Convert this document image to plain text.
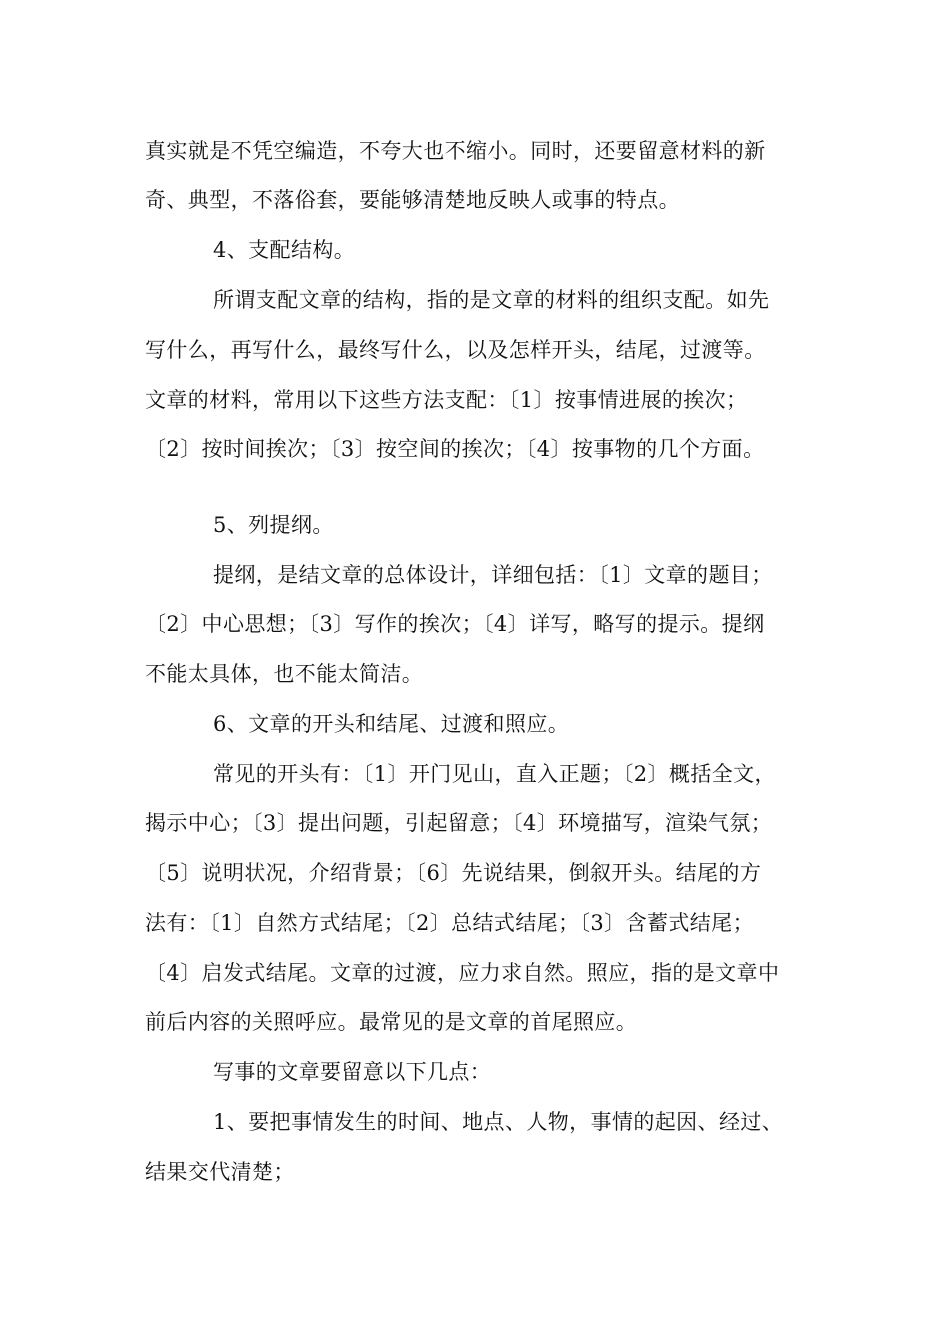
真实就是不凭空编造，不夸大也不缩小。同时，还要留意材料的新
奇、典型，不落俗套，要能够清楚地反映人或事的特点。
4、支配结构。
所谓支配文章的结构，指的是文章的材料的组织支配。如先
写什么，再写什么，最终写什么，以及怎样开头，结尾，过渡等。
文章的材料，常用以下这些方法支配：〔1〕按事情进展的挨次；
〔2〕按时间挨次；〔3〕按空间的挨次；〔4〕按事物的几个方面。
5、列提纲。
提纲，是结文章的总体设计，详细包括：〔1〕文章的题目；
〔2〕中心思想；〔3〕写作的挨次；〔4〕详写，略写的提示。提纲
不能太具体，也不能太简洁。
6、文章的开头和结尾、过渡和照应。
常见的开头有：〔1〕开门见山，直入正题；〔2〕概括全文，
揭示中心；〔3〕提出问题，引起留意；〔4〕环境描写，渲染气氛；
〔5〕说明状况，介绍背景；〔6〕先说结果，倒叙开头。结尾的方
法有：〔1〕自然方式结尾；〔2〕总结式结尾；〔3〕含蓄式结尾；
〔4〕启发式结尾。文章的过渡，应力求自然。照应，指的是文章中
前后内容的关照呼应。最常见的是文章的首尾照应。
写事的文章要留意以下几点：
1、要把事情发生的时间、地点、人物，事情的起因、经过、
结果交代清楚；
